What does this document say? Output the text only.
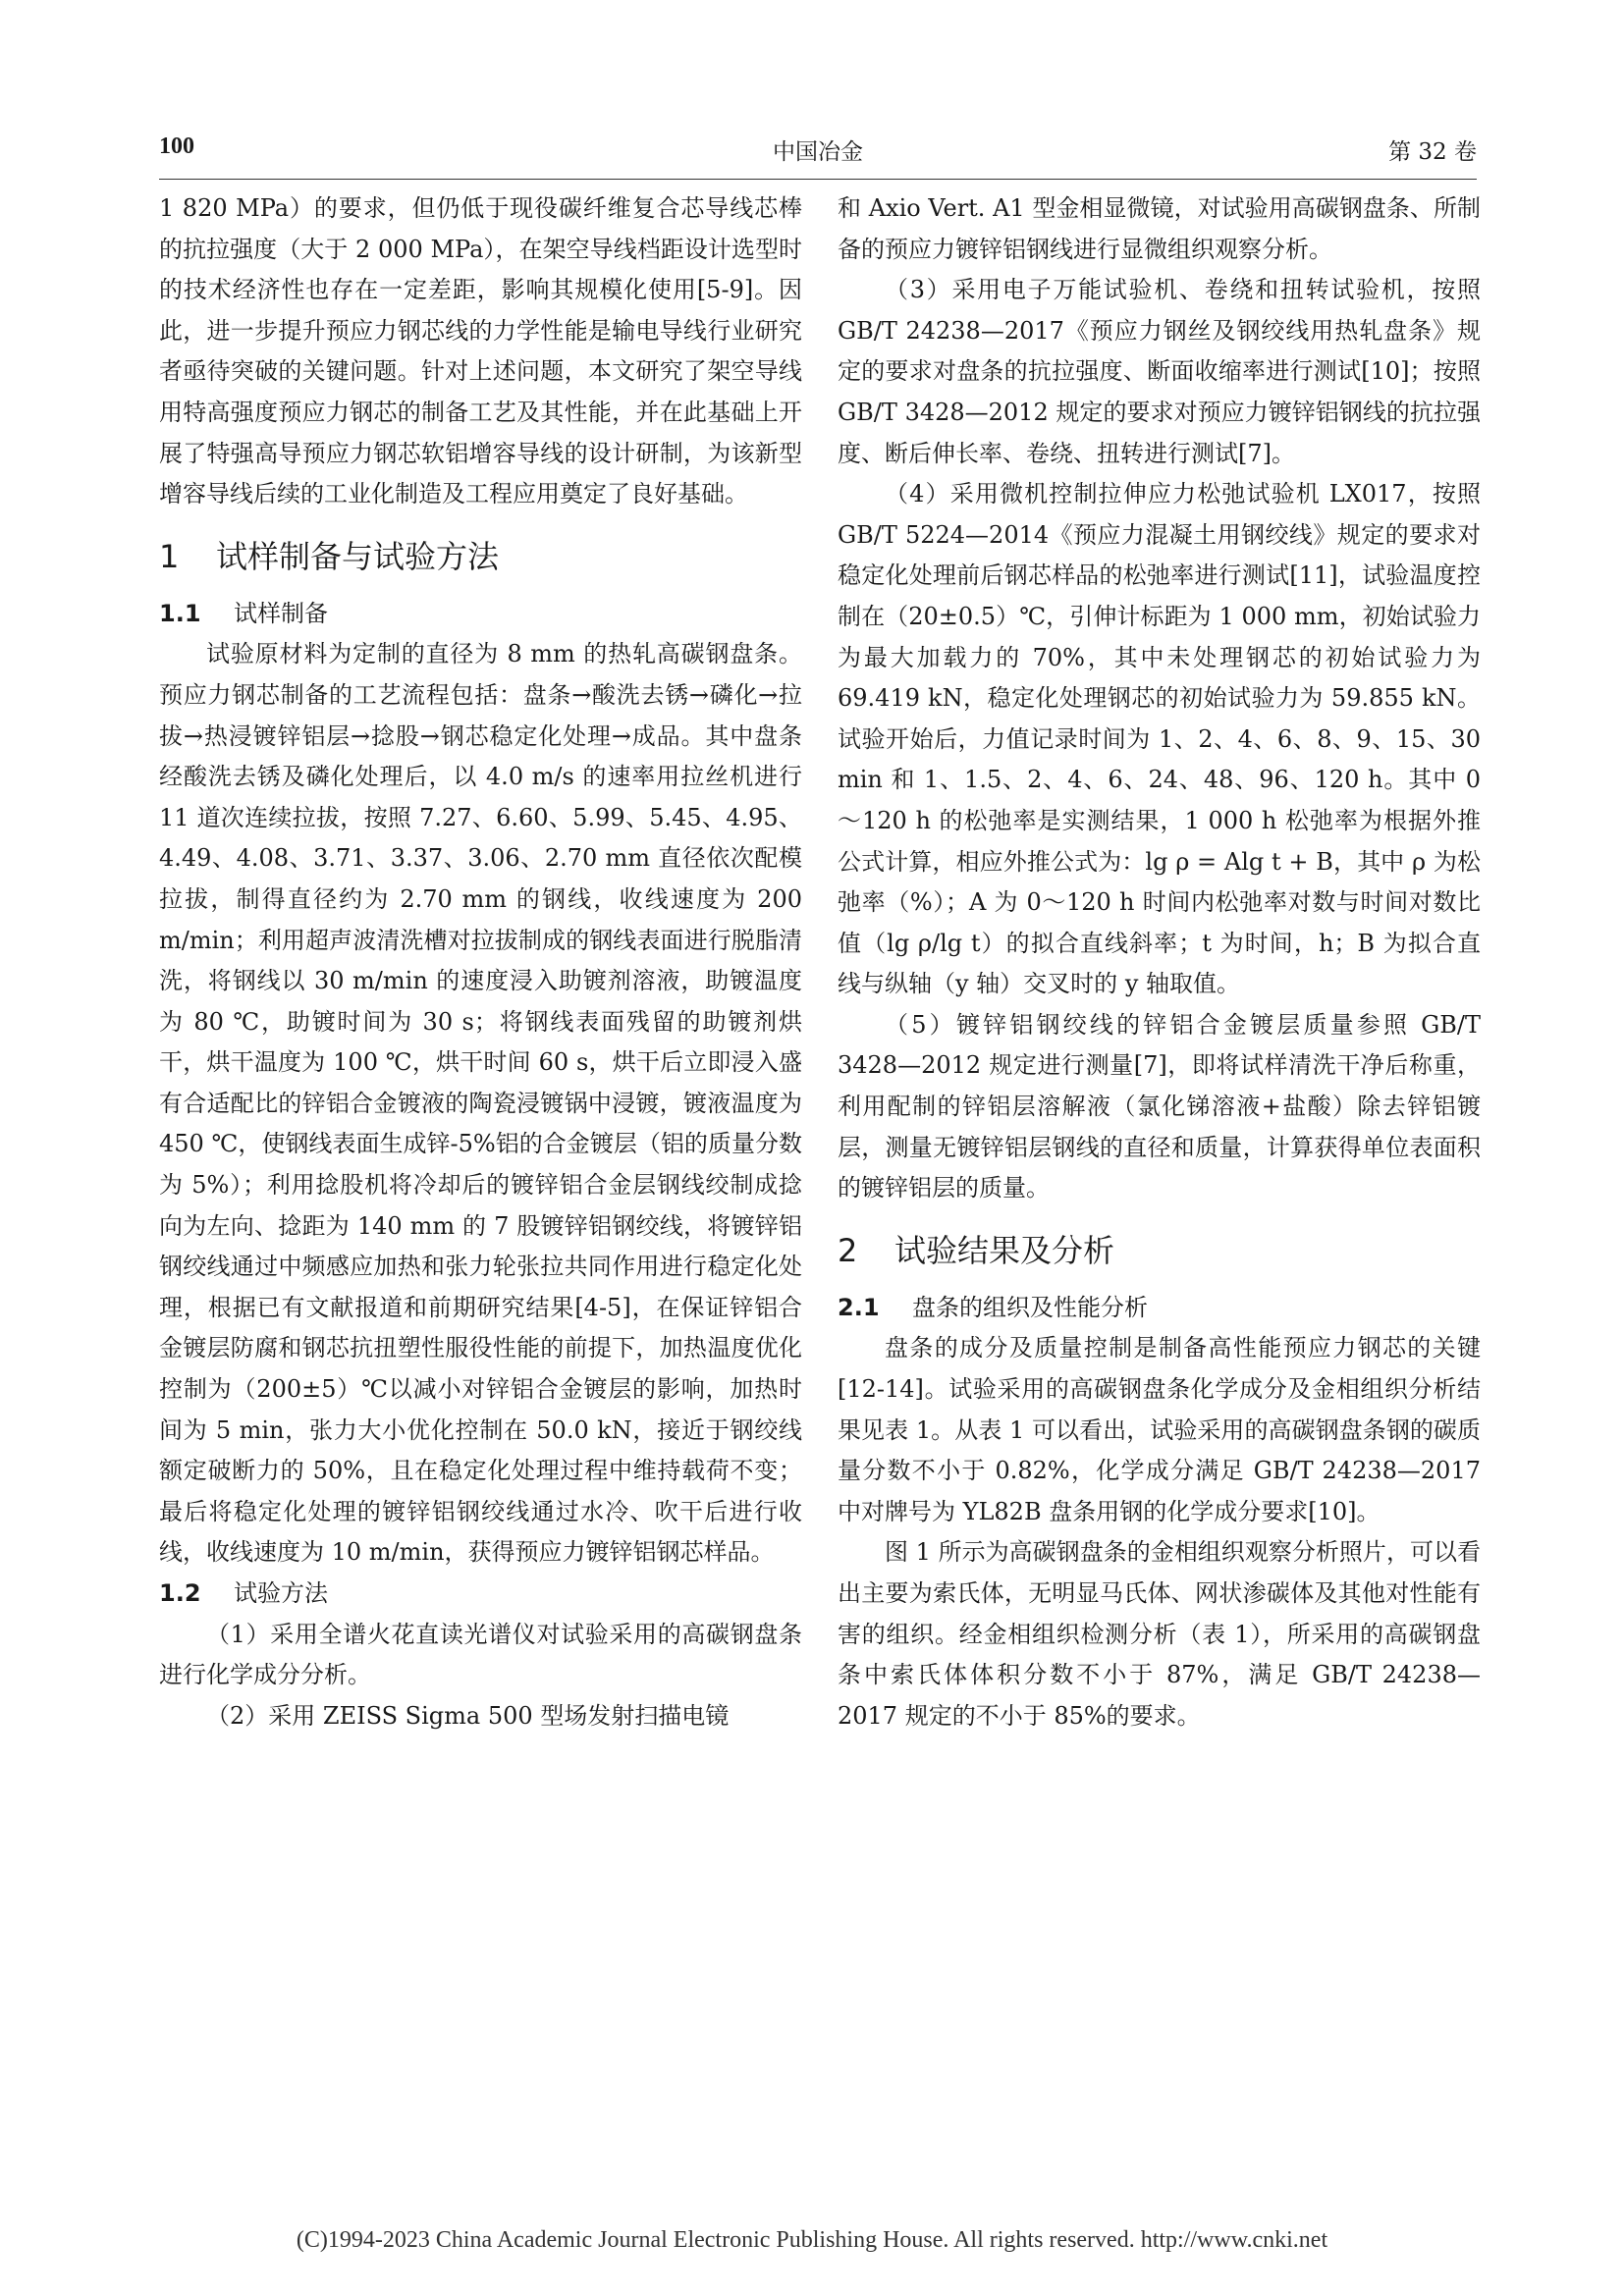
100	中国冶金	第 32 卷

1 820 MPa）的要求，但仍低于现役碳纤维复合芯导线芯棒的抗拉强度（大于 2 000 MPa），在架空导线档距设计选型时的技术经济性也存在一定差距，影响其规模化使用[5-9]。因此，进一步提升预应力钢芯线的力学性能是输电导线行业研究者亟待突破的关键问题。针对上述问题，本文研究了架空导线用特高强度预应力钢芯的制备工艺及其性能，并在此基础上开展了特强高导预应力钢芯软铝增容导线的设计研制，为该新型增容导线后续的工业化制造及工程应用奠定了良好基础。

1 试样制备与试验方法
1.1 试样制备

试验原材料为定制的直径为 8 mm 的热轧高碳钢盘条。预应力钢芯制备的工艺流程包括：盘条→酸洗去锈→磷化→拉拔→热浸镀锌铝层→捻股→钢芯稳定化处理→成品。其中盘条经酸洗去锈及磷化处理后，以 4.0 m/s 的速率用拉丝机进行 11 道次连续拉拔，按照 7.27、6.60、5.99、5.45、4.95、4.49、4.08、3.71、3.37、3.06、2.70 mm 直径依次配模拉拔，制得直径约为 2.70 mm 的钢线，收线速度为 200 m/min；利用超声波清洗槽对拉拔制成的钢线表面进行脱脂清洗，将钢线以 30 m/min 的速度浸入助镀剂溶液，助镀温度为 80 ℃，助镀时间为 30 s；将钢线表面残留的助镀剂烘干，烘干温度为 100 ℃，烘干时间 60 s，烘干后立即浸入盛有合适配比的锌铝合金镀液的陶瓷浸镀锅中浸镀，镀液温度为 450 ℃，使钢线表面生成锌-5%铝的合金镀层（铝的质量分数为 5%）；利用捻股机将冷却后的镀锌铝合金层钢线绞制成捻向为左向、捻距为 140 mm 的 7 股镀锌铝钢绞线，将镀锌铝钢绞线通过中频感应加热和张力轮张拉共同作用进行稳定化处理，根据已有文献报道和前期研究结果[4-5]，在保证锌铝合金镀层防腐和钢芯抗扭塑性服役性能的前提下，加热温度优化控制为（200±5）℃以减小对锌铝合金镀层的影响，加热时间为 5 min，张力大小优化控制在 50.0 kN，接近于钢绞线额定破断力的 50%，且在稳定化处理过程中维持载荷不变；最后将稳定化处理的镀锌铝钢绞线通过水冷、吹干后进行收线，收线速度为 10 m/min，获得预应力镀锌铝钢芯样品。

1.2 试验方法

（1）采用全谱火花直读光谱仪对试验采用的高碳钢盘条进行化学成分分析。

（2）采用 ZEISS Sigma 500 型场发射扫描电镜

和 Axio Vert. A1 型金相显微镜，对试验用高碳钢盘条、所制备的预应力镀锌铝钢线进行显微组织观察分析。

（3）采用电子万能试验机、卷绕和扭转试验机，按照 GB/T 24238—2017《预应力钢丝及钢绞线用热轧盘条》规定的要求对盘条的抗拉强度、断面收缩率进行测试[10]；按照 GB/T 3428—2012 规定的要求对预应力镀锌铝钢线的抗拉强度、断后伸长率、卷绕、扭转进行测试[7]。

（4）采用微机控制拉伸应力松弛试验机 LX017，按照 GB/T 5224—2014《预应力混凝土用钢绞线》规定的要求对稳定化处理前后钢芯样品的松弛率进行测试[11]，试验温度控制在（20±0.5）℃，引伸计标距为 1 000 mm，初始试验力为最大加载力的 70%，其中未处理钢芯的初始试验力为 69.419 kN，稳定化处理钢芯的初始试验力为 59.855 kN。试验开始后，力值记录时间为 1、2、4、6、8、9、15、30 min 和 1、1.5、2、4、6、24、48、96、120 h。其中 0～120 h 的松弛率是实测结果，1 000 h 松弛率为根据外推公式计算，相应外推公式为：lg ρ = Alg t + B，其中 ρ 为松弛率（%）；A 为 0～120 h 时间内松弛率对数与时间对数比值（lg ρ/lg t）的拟合直线斜率；t 为时间，h；B 为拟合直线与纵轴（y 轴）交叉时的 y 轴取值。

（5）镀锌铝钢绞线的锌铝合金镀层质量参照 GB/T 3428—2012 规定进行测量[7]，即将试样清洗干净后称重，利用配制的锌铝层溶解液（氯化锑溶液+盐酸）除去锌铝镀层，测量无镀锌铝层钢线的直径和质量，计算获得单位表面积的镀锌铝层的质量。

2 试验结果及分析
2.1 盘条的组织及性能分析

盘条的成分及质量控制是制备高性能预应力钢芯的关键[12-14]。试验采用的高碳钢盘条化学成分及金相组织分析结果见表 1。从表 1 可以看出，试验采用的高碳钢盘条钢的碳质量分数不小于 0.82%，化学成分满足 GB/T 24238—2017 中对牌号为 YL82B 盘条用钢的化学成分要求[10]。

图 1 所示为高碳钢盘条的金相组织观察分析照片，可以看出主要为索氏体，无明显马氏体、网状渗碳体及其他对性能有害的组织。经金相组织检测分析（表 1），所采用的高碳钢盘条中索氏体体积分数不小于 87%，满足 GB/T 24238—2017 规定的不小于 85%的要求。

(C)1994-2023 China Academic Journal Electronic Publishing House. All rights reserved. http://www.cnki.net
